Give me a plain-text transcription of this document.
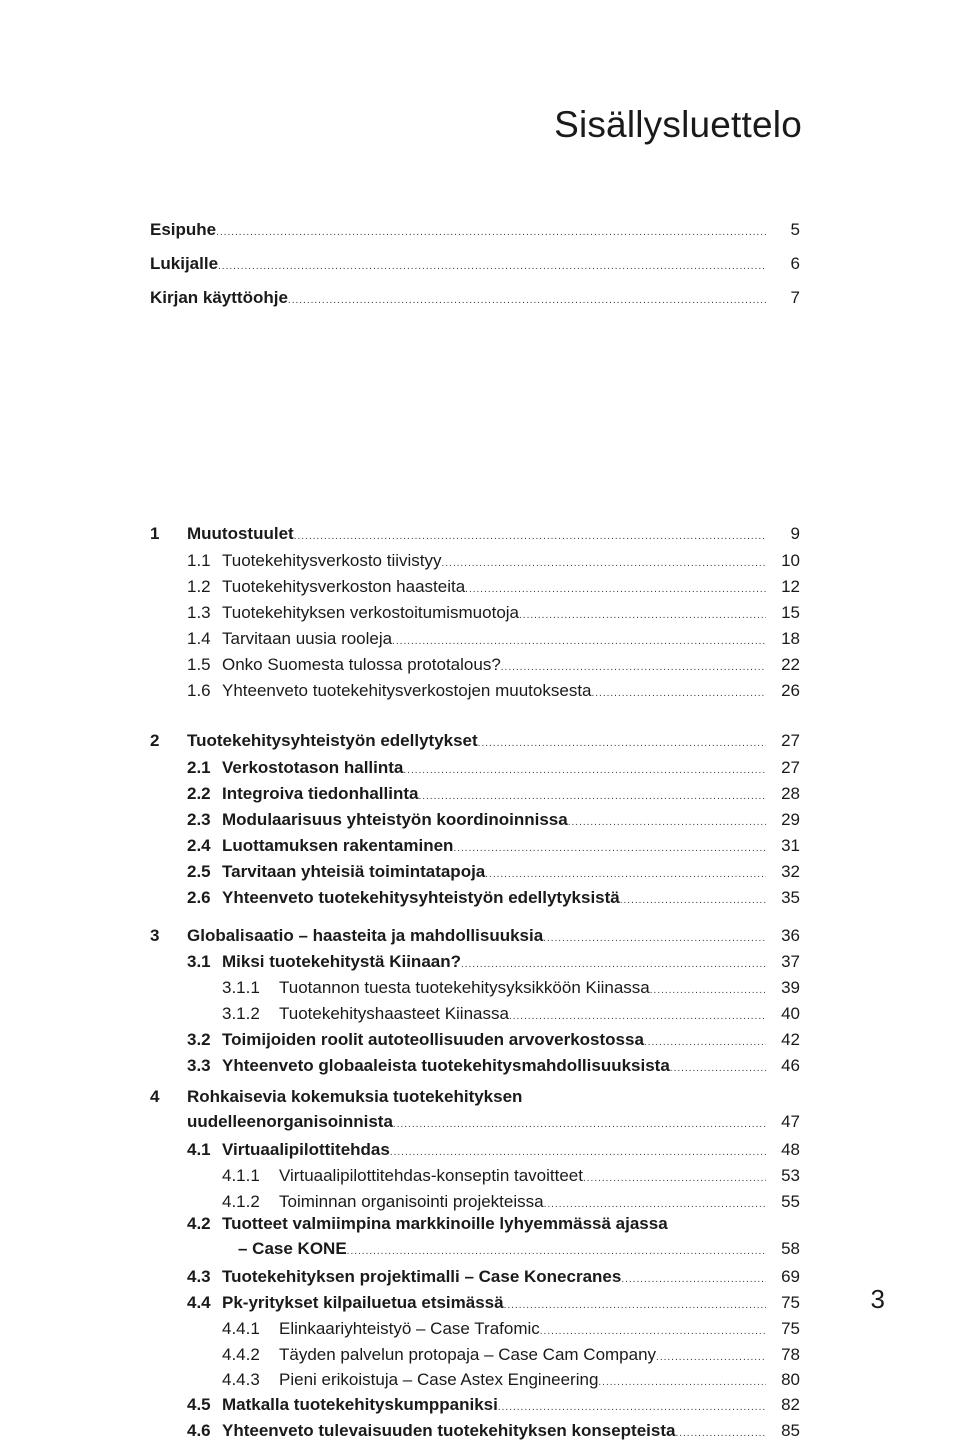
Sisällysluettelo
Esipuhe .....	5
Lukijalle .....	6
Kirjan käyttöohje .....	7
1 Muutostuulet .....	9
1.1 Tuotekehitysverkosto tiivistyy .....	10
1.2 Tuotekehitysverkoston haasteita .....	12
1.3 Tuotekehityksen verkostoitumismuotoja .....	15
1.4 Tarvitaan uusia rooleja .....	18
1.5 Onko Suomesta tulossa prototalous? .....	22
1.6 Yhteenveto tuotekehitysverkostojen muutoksesta .....	26
2 Tuotekehitysyhteistyön edellytykset .....	27
2.1 Verkostotason hallinta .....	27
2.2 Integroiva tiedonhallinta .....	28
2.3 Modulaarisuus yhteistyön koordinoinnissa .....	29
2.4 Luottamuksen rakentaminen .....	31
2.5 Tarvitaan yhteisiä toimintatapoja .....	32
2.6 Yhteenveto tuotekehitysyhteistyön edellytyksistä .....	35
3 Globalisaatio – haasteita ja mahdollisuuksia .....	36
3.1 Miksi tuotekehitystä Kiinaan? .....	37
3.1.1 Tuotannon tuesta tuotekehitysyksikköön Kiinassa .....	39
3.1.2 Tuotekehityshaasteet Kiinassa .....	40
3.2 Toimijoiden roolit autoteollisuuden arvoverkostossa .....	42
3.3 Yhteenveto globaaleista tuotekehitysmahdollisuuksista .....	46
4 Rohkaisevia kokemuksia tuotekehityksen
uudelleenorganisoinnista .....	47
4.1 Virtuaalipilottitehdas .....	48
4.1.1 Virtuaalipilottitehdas-konseptin tavoitteet .....	53
4.1.2 Toiminnan organisointi projekteissa .....	55
4.2 Tuotteet valmiimpina markkinoille lyhyemmässä ajassa
– Case KONE .....	58
4.3 Tuotekehityksen projektimalli – Case Konecranes .....	69
4.4 Pk-yritykset kilpailuetua etsimässä .....	75
4.4.1 Elinkaariyhteistyö – Case Trafomic .....	75
4.4.2 Täyden palvelun protopaja – Case Cam Company .....	78
4.4.3 Pieni erikoistuja – Case Astex Engineering .....	80
4.5 Matkalla tuotekehityskumppaniksi .....	82
4.6 Yhteenveto tulevaisuuden tuotekehityksen konsepteista .....	85
3
